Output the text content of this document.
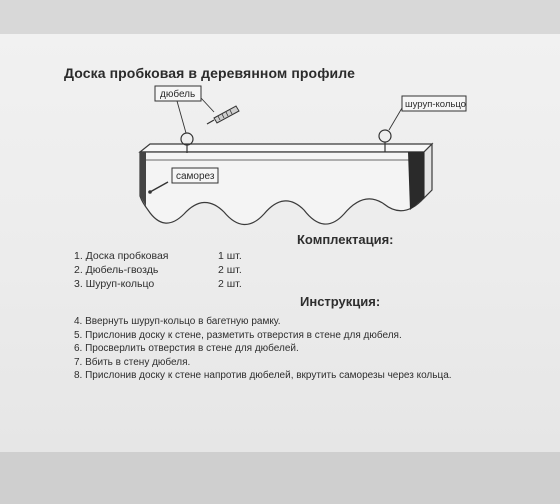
Доска пробковая в деревянном профиле
дюбель
шуруп-кольцо
саморез
Комплектация:
1. Доска пробковая	1 шт.
2. Дюбель-гвоздь	2 шт.
3. Шуруп-кольцо	2 шт.
Инструкция:
4. Ввернуть шуруп-кольцо в багетную рамку.
5. Прислонив доску к стене, разметить отверстия в стене для дюбеля.
6. Просверлить отверстия в стене для дюбелей.
7. Вбить в стену дюбеля.
8. Прислонив доску к стене напротив дюбелей, вкрутить саморезы через кольца.
